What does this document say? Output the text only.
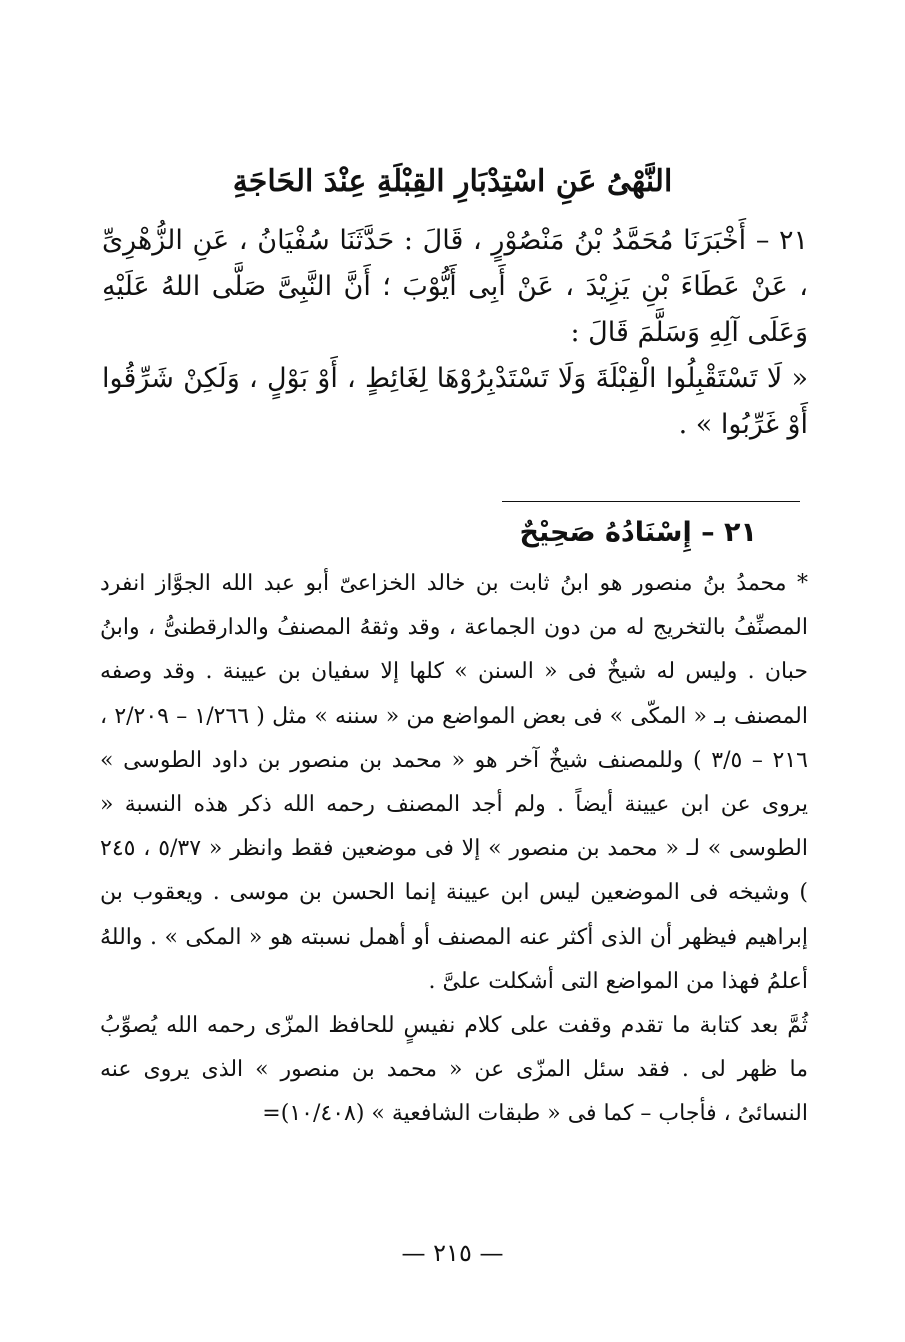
النَّهْىُ عَنِ اسْتِدْبَارِ القِبْلَةِ عِنْدَ الحَاجَةِ

٢١ – أَخْبَرَنَا مُحَمَّدُ بْنُ مَنْصُوْرٍ ، قَالَ : حَدَّثَنَا سُفْيَانُ ، عَنِ الزُّهْرِىِّ ، عَنْ عَطَاءَ بْنِ يَزِيْدَ ، عَنْ أَبِى أَيُّوْبَ ؛ أَنَّ النَّبِىَّ صَلَّى اللهُ عَلَيْهِ وَعَلَى آلِهِ وَسَلَّمَ قَالَ :

« لَا تَسْتَقْبِلُوا الْقِبْلَةَ وَلَا تَسْتَدْبِرُوْهَا لِغَائِطٍ ، أَوْ بَوْلٍ ، وَلَكِنْ شَرِّقُوا أَوْ غَرِّبُوا » .

٢١ – إِسْنَادُهُ صَحِيْحٌ

* محمدُ بنُ منصور هو ابنُ ثابت بن خالد الخزاعىّ أبو عبد الله الجوَّاز انفرد المصنِّفُ بالتخريج له من دون الجماعة ، وقد وثقهُ المصنفُ والدارقطنىُّ ، وابنُ حبان . وليس له شيخٌ فى « السنن » كلها إلا سفيان بن عيينة . وقد وصفه المصنف بـ « المكّى » فى بعض المواضع من « سننه » مثل ( ١/٢٦٦ – ٢/٢٠٩ ، ٢١٦ – ٣/٥ ) وللمصنف شيخٌ آخر هو « محمد بن منصور بن داود الطوسى » يروى عن ابن عيينة أيضاً . ولم أجد المصنف رحمه الله ذكر هذه النسبة « الطوسى » لـ « محمد بن منصور » إلا فى موضعين فقط وانظر « ٥/٣٧ ، ٢٤٥ ) وشيخه فى الموضعين ليس ابن عيينة إنما الحسن بن موسى . ويعقوب بن إبراهيم فيظهر أن الذى أكثر عنه المصنف أو أهمل نسبته هو « المكى » . واللهُ أعلمُ فهذا من المواضع التى أشكلت علىَّ .

ثُمَّ بعد كتابة ما تقدم وقفت على كلام نفيسٍ للحافظ المزّى رحمه الله يُصوِّبُ ما ظهر لى . فقد سئل المزّى عن « محمد بن منصور » الذى يروى عنه النسائىُ ، فأجاب – كما فى « طبقات الشافعية » (١٠/٤٠٨)=

— ٢١٥ —
